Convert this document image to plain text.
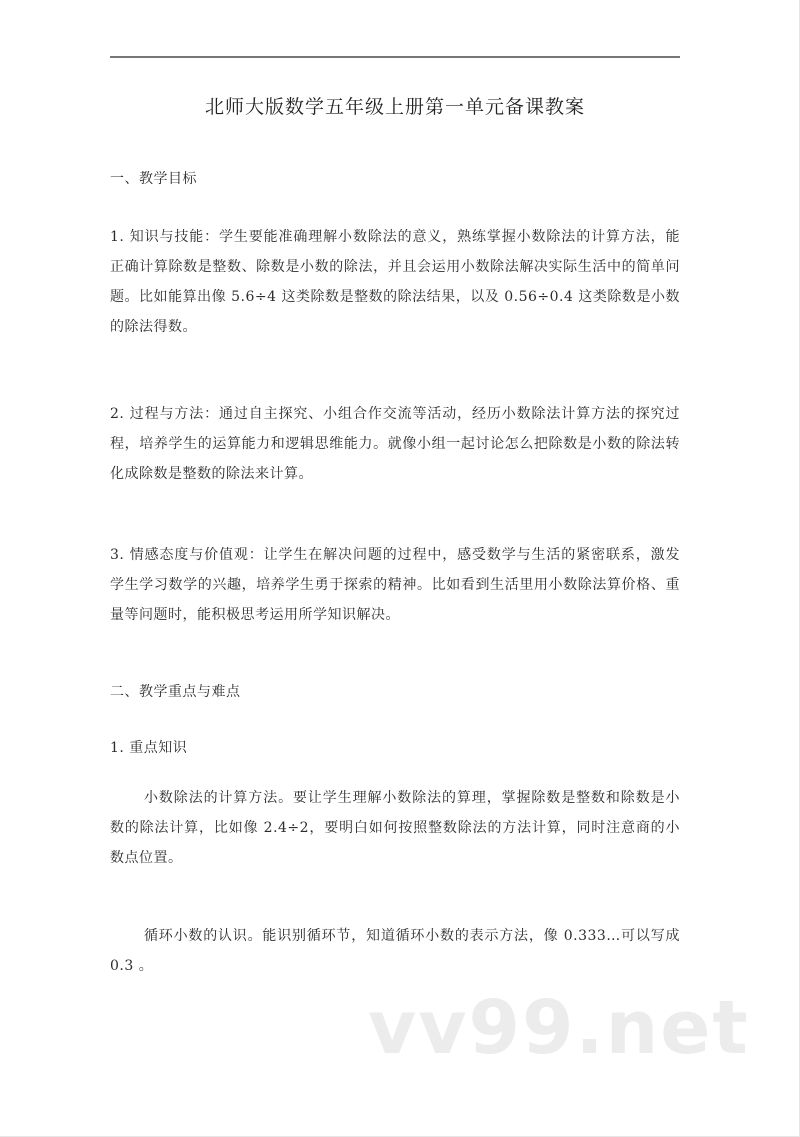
北师大版数学五年级上册第一单元备课教案
一、教学目标
1. 知识与技能：学生要能准确理解小数除法的意义，熟练掌握小数除法的计算方法，能正确计算除数是整数、除数是小数的除法，并且会运用小数除法解决实际生活中的简单问题。比如能算出像 5.6÷4 这类除数是整数的除法结果，以及 0.56÷0.4 这类除数是小数的除法得数。
2. 过程与方法：通过自主探究、小组合作交流等活动，经历小数除法计算方法的探究过程，培养学生的运算能力和逻辑思维能力。就像小组一起讨论怎么把除数是小数的除法转化成除数是整数的除法来计算。
3. 情感态度与价值观：让学生在解决问题的过程中，感受数学与生活的紧密联系，激发学生学习数学的兴趣，培养学生勇于探索的精神。比如看到生活里用小数除法算价格、重量等问题时，能积极思考运用所学知识解决。
二、教学重点与难点
1. 重点知识
小数除法的计算方法。要让学生理解小数除法的算理，掌握除数是整数和除数是小数的除法计算，比如像 2.4÷2，要明白如何按照整数除法的方法计算，同时注意商的小数点位置。
循环小数的认识。能识别循环节，知道循环小数的表示方法，像 0.333…可以写成 0.3 。
vv99.net
